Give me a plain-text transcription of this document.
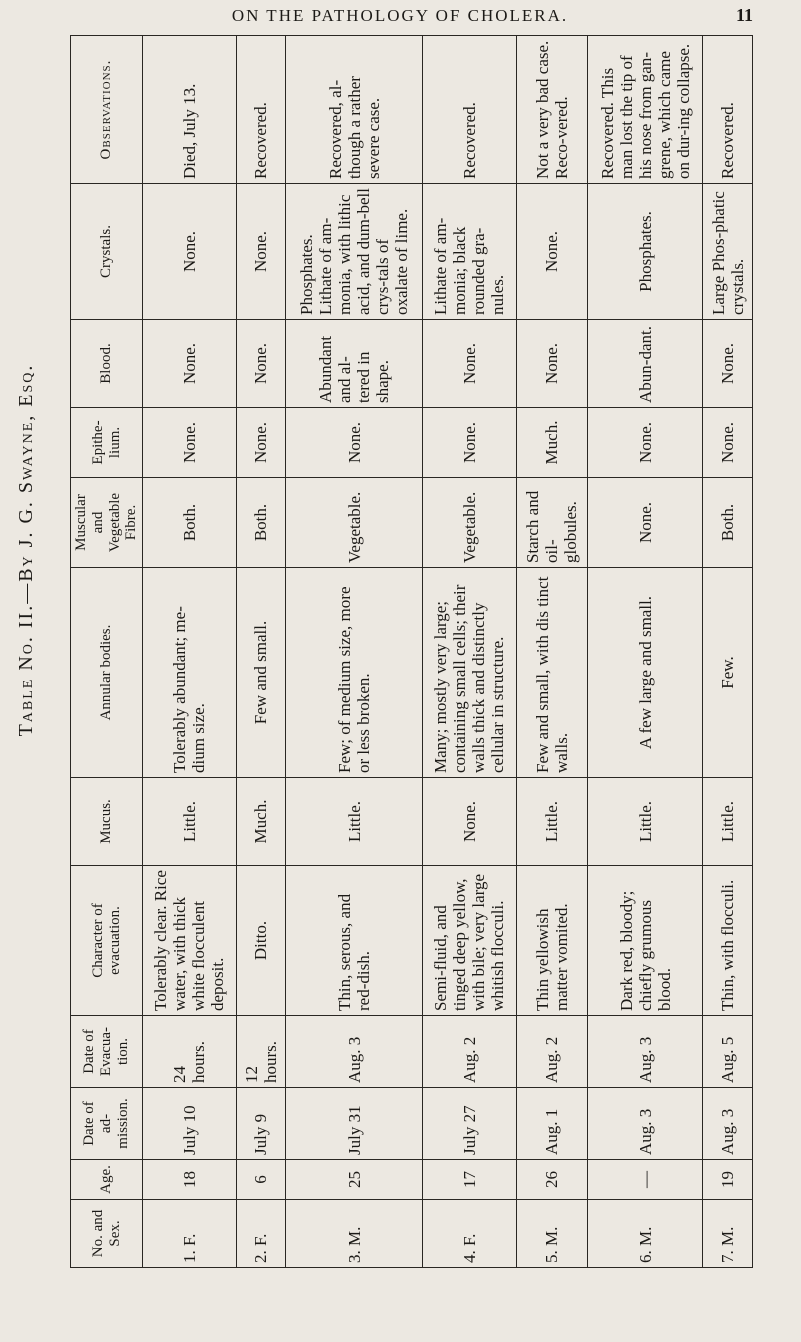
ON THE PATHOLOGY OF CHOLERA.	11
Table No. II.—By J. G. Swayne, Esq.
No. and Sex.	Age.	Date of ad-mission.	Date of Evacua-tion.	Character of evacuation.	Mucus.	Annular bodies.	Muscular and Vegetable Fibre.	Epithe-lium.	Blood.	Crystals.	Observations.
1. F.	18	July 10	24 hours.	Tolerably clear. Rice water, with thick white flocculent deposit.	Little.	Tolerably abundant; me-dium size.	Both.	None.	None.	None.	Died, July 13.
2. F.	6	July 9	12 hours.	Ditto.	Much.	Few and small.	Both.	None.	None.	None.	Recovered.
3. M.	25	July 31	Aug. 3	Thin, serous, and red-dish.	Little.	Few; of medium size, more or less broken.	Vegetable.	None.	Abundant and al-tered in shape.	Phosphates. Lithate of am-monia, with lithic acid, and dum-bell crys-tals of oxalate of lime.	Recovered, al-though a rather severe case.
4. F.	17	July 27	Aug. 2	Semi-fluid, and tinged deep yellow, with bile; very large whitish flocculi.	None.	Many; mostly very large; containing small cells; their walls thick and distinctly cellular in structure.	Vegetable.	None.	None.	Lithate of am-monia; black rounded gra-nules.	Recovered.
5. M.	26	Aug. 1	Aug. 2	Thin yellowish matter vomited.	Little.	Few and small, with dis tinct walls.	Starch and oil-globules.	Much.	None.	None.	Not a very bad case. Reco-vered.
6. M.	—	Aug. 3	Aug. 3	Dark red, bloody; chiefly grumous blood.	Little.	A few large and small.	None.	None.	Abun-dant.	Phosphates.	Recovered. This man lost the tip of his nose from gan-grene, which came on dur-ing collapse.
7. M.	19	Aug. 3	Aug. 5	Thin, with flocculi.	Little.	Few.	Both.	None.	None.	Large Phos-phatic crystals.	Recovered.
